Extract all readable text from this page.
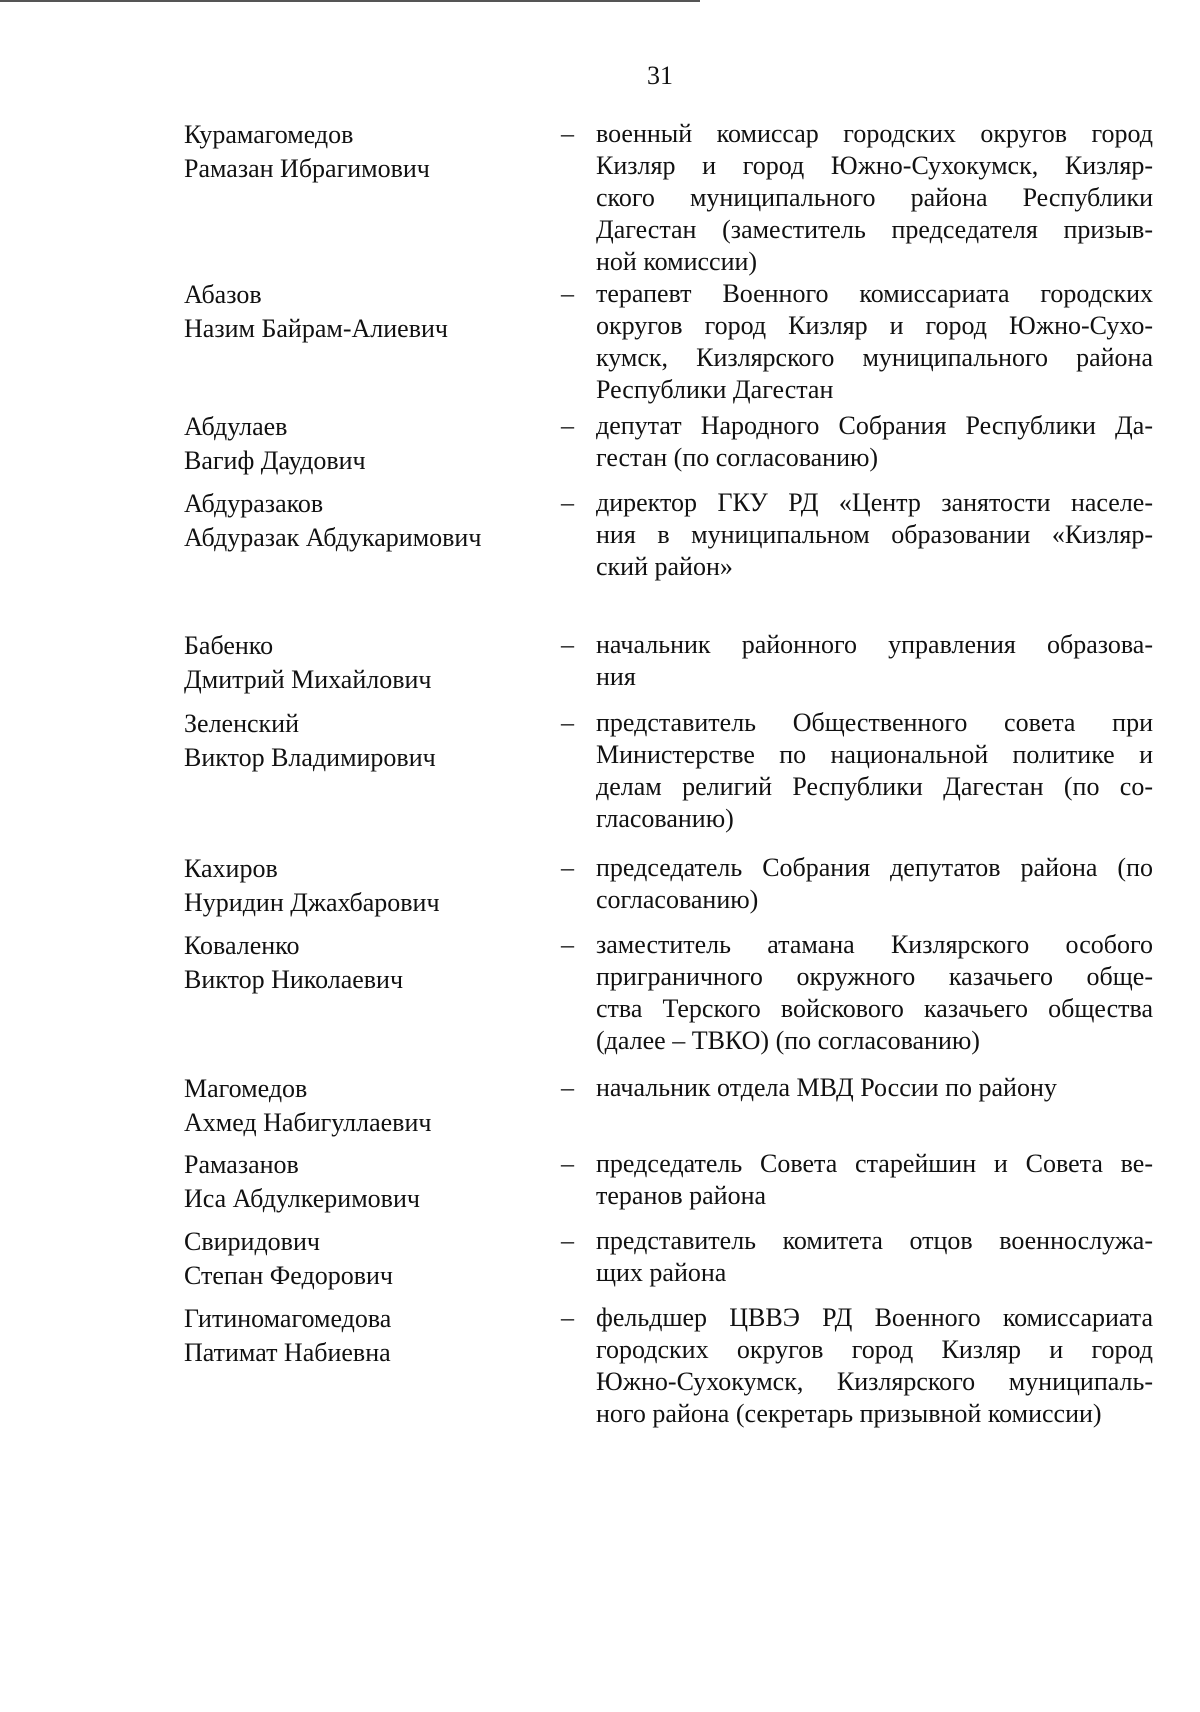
31
Курамагомедов
Рамазан Ибрагимович
– военный комиссар городских округов город
Кизляр и город Южно-Сухокумск, Кизляр-
ского муниципального района Республики
Дагестан (заместитель председателя призыв-
ной комиссии)
Абазов
Назим Байрам-Алиевич
– терапевт Военного комиссариата городских
округов город Кизляр и город Южно-Сухо-
кумск, Кизлярского муниципального района
Республики Дагестан
Абдулаев
Вагиф Даудович
– депутат Народного Собрания Республики Да-
гестан (по согласованию)
Абдуразаков
Абдуразак Абдукаримович
– директор ГКУ РД «Центр занятости населе-
ния в муниципальном образовании «Кизляр-
ский район»
Бабенко
Дмитрий Михайлович
– начальник районного управления образова-
ния
Зеленский
Виктор Владимирович
– представитель Общественного совета при
Министерстве по национальной политике и
делам религий Республики Дагестан (по со-
гласованию)
Кахиров
Нуридин Джахбарович
– председатель Собрания депутатов района (по
согласованию)
Коваленко
Виктор Николаевич
– заместитель атамана Кизлярского особого
приграничного окружного казачьего обще-
ства Терского войскового казачьего общества
(далее – ТВКО) (по согласованию)
Магомедов
Ахмед Набигуллаевич
– начальник отдела МВД России по району
Рамазанов
Иса Абдулкеримович
– председатель Совета старейшин и Совета ве-
теранов района
Свиридович
Степан Федорович
– представитель комитета отцов военнослужа-
щих района
Гитиномагомедова
Патимат Набиевна
– фельдшер ЦВВЭ РД Военного комиссариата
городских округов город Кизляр и город
Южно-Сухокумск, Кизлярского муниципаль-
ного района (секретарь призывной комиссии)
